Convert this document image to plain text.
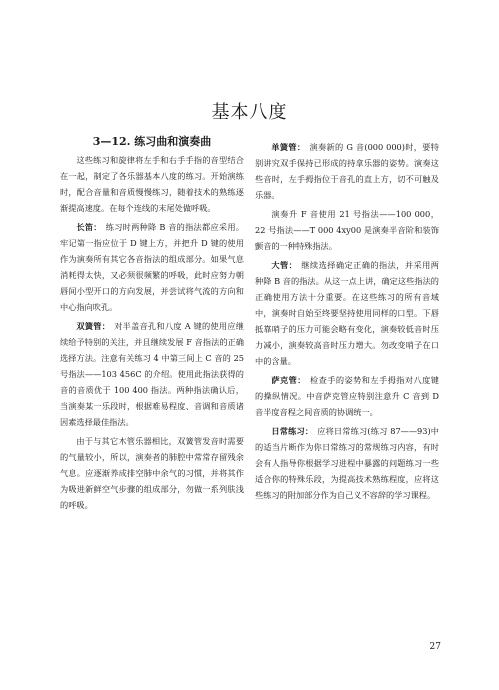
基本八度
3—12. 练习曲和演奏曲

这些练习和旋律将左手和右手手指的音型结合在一起，制定了各乐器基本八度的练习。开始演练时，配合音量和音质慢慢练习，随着技术的熟练逐渐提高速度。在每个连线的末尾处做呼吸。

长笛： 练习时两种降 B 音的指法都应采用。牢记第一指应位于 D 键上方，并把升 D 键的使用作为演奏所有其它各音指法的组成部分。如果气息消耗得太快，又必须很频繁的呼吸，此时应努力朝唇间小型开口的方向发展，并尝试将气流的方向和中心指向吹孔。

双簧管： 对半盖音孔和八度 A 键的使用应继续给予特别的关注，并且继续发展 F 音指法的正确选择方法。注意有关练习 4 中第三间上 C 音的 25 号指法——103 456C 的介绍。使用此指法获得的音的音质优于 100 400 指法。两种指法确认后，当演奏某一乐段时，根据难易程度、音调和音质诸因素选择最佳指法。

由于与其它木管乐器相比，双簧管发音时需要的气量较小，所以，演奏者的肺腔中常常存留残余气息。应逐渐养成排空肺中余气的习惯，并将其作为吸进新鲜空气步骤的组成部分，勿做一系列肤浅的呼吸。

单簧管： 演奏新的 G 音(000 000)时，要特别讲究双手保持已形成的持拿乐器的姿势。演奏这些音时，左手拇指位于音孔的直上方，切不可触及乐器。

演奏升 F 音使用 21 号指法——100 000，22 号指法——T 000 4xy00 是演奏半音阶和装饰颤音的一种特殊指法。

大管： 继续选择确定正确的指法，并采用两种降 B 音的指法。从这一点上讲，确定这些指法的正确使用方法十分重要。在这些练习的所有音域中，演奏时自始至终要坚持使用同样的口型。下唇抵靠哨子的压力可能会略有变化，演奏较低音时压力减小，演奏较高音时压力增大。勿改变哨子在口中的含量。

萨克管： 检查手的姿势和左手拇指对八度键的操纵情况。中音萨克管应特别注意升 C 音到 D 音半度音程之间音质的协调统一。

日常练习： 应将日常练习(练习 87——93)中的适当片断作为你日常练习的常规练习内容，有时会有人指导你根据学习进程中暴露的问题练习一些适合你的特殊乐段，为提高技术熟练程度，应将这些练习的附加部分作为自己义不容辞的学习课程。

27
